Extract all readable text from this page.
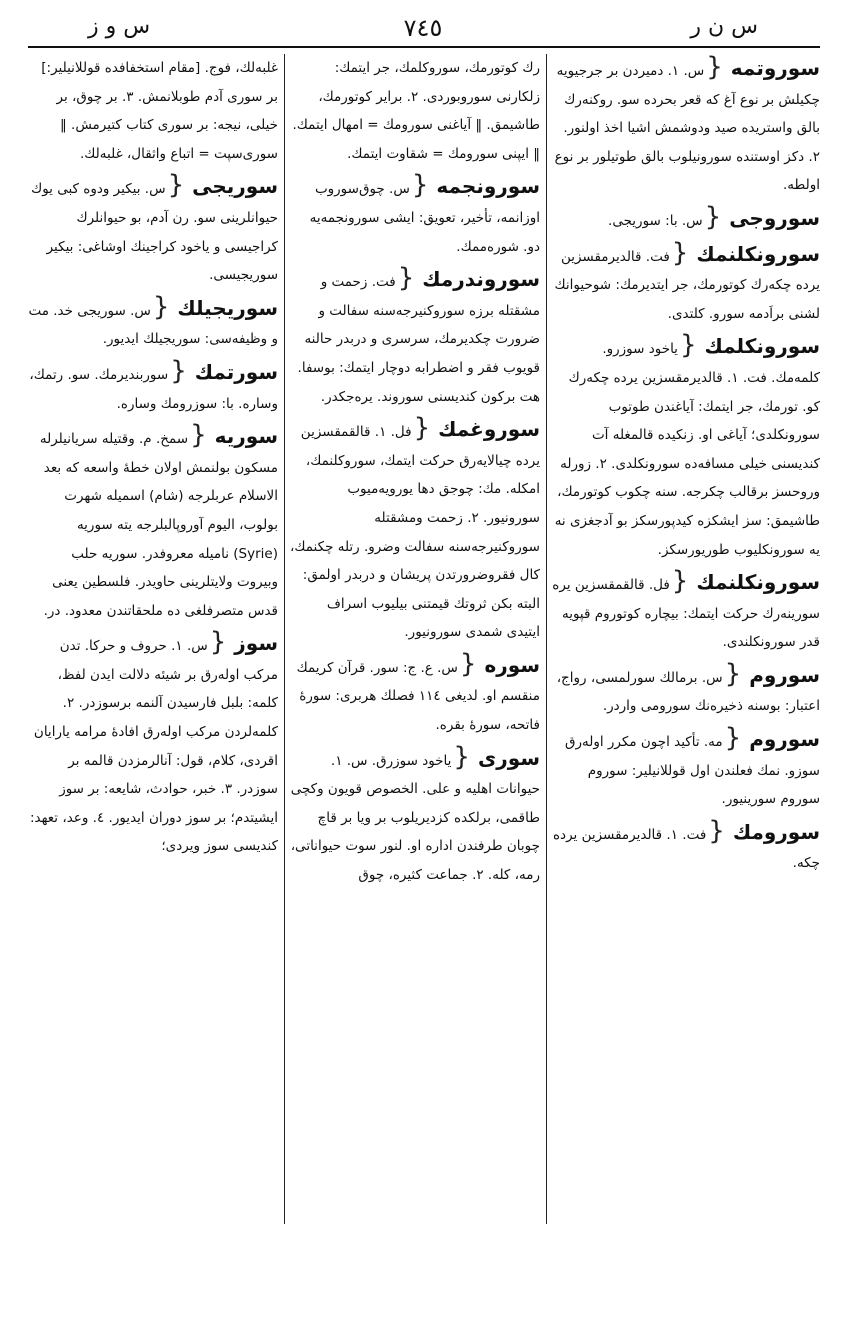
س و ز	٧٤٥	س ن ر
سوروتمه{س. ١. دميردن بر جرجيويه چكيلش بر نوع آغ كه قعر بحرده سو. روكنه‌رك بالق واستريده صيد ودوشمش اشيا اخذ اولنور. ٢. دكز اوستنده سورونيلوب بالق طوتيلور بر نوع اولطه.
سوروجى{س. با: سوريجى.
سورونكلنمك{فت. قالديرمقسزين يرده چكه‌رك كوتورمك، جر ايتديرمك: شوحيوانك لشنى براَدمه سورو. كلتدى.
سورونكلمك{ياخود سوزرو. كلمه‌مك. فت. ١. قالديرمقسزين يرده چكه‌رك كو. تورمك، جر ايتمك: آياغندن طوتوب سورونكلدى؛ آياغى او. زنكيده قالمغله آت كنديسنى خيلى مسافه‌ده سورونكلدى. ٢. زورله وروحسز برقالب چكرجه. سنه چكوب كوتورمك، طاشيمق: سز ايشكزه كيدپورسكز بو آدجغزى نه يه سورونكليوب طوريورسكز.
سورونكلنمك{فل. قالقمقسزين يره سورينه‌رك حركت ايتمك: بيچاره كوتوروم قپويه قدر سورونكلندى.
سوروم{س. برمالك سورلمسى، رواج، اعتبار: بوسنه ذخيره‌نك سورومى واردر.
سوروم{مه. تأكيد اچون مكرر اوله‌رق سوزو. نمك فعلندن اول قوللانيلير: سوروم سوروم سورينيور.
سورومك{فت. ١. قالديرمقسزين يرده چكه.
رك كوتورمك، سوروكلمك، جر ايتمك: زلكارنى سوروبوردى. ٢. براير كوتورمك، طاشيمق. ‖ آياغنى سورومك = امهال ايتمك. ‖ ايپنى سورومك = شقاوت ايتمك.
سورونجمه{س. چوق‌سوروب اوزانمه، تأخير، تعويق: ايشى سورونجمه‌يه دو. شوره‌ممك.
سوروندرمك{فت. زحمت و مشقتله برزه سوروكنيرجه‌سنه سفالت و ضرورت چكديرمك، سرسرى و دربدر حالنه قويوب فقر و اضطرابه دوچار ايتمك: بوسفا. هت بركون كنديسنى سوروند. يره‌جكدر.
سوروغمك{فل. ١. قالقمقسزين يرده چيالايه‌رق حركت ايتمك، سوروكلنمك، امكله. مك: چوجق دها يورويه‌ميوب سورونيور. ٢. زحمت ومشقتله سوروكنيرجه‌سنه سفالت وضرو. رتله چكنمك، كال فقروضرورتدن پريشان و دربدر اولمق: البته بكن ثروتك قيمتنى بيليوب اسراف ايتيدى شمدى سورونيور.
سوره{س. ع. ج: سور. قرآن كريمك منقسم او. لديغى ١١٤ فصلك هربرى: سورهٔ فاتحه، سورهٔ بقره.
سورى{ياخود سوزرق. س. ١. حيوانات اهليه و على. الخصوص قويون وكچى طاقمى، برلكده كزديريلوب بر ويا بر قاچ چوبان طرفندن اداره او. لنور سوت حيواناتى، رمه، كله. ٢. جماعت كثيره، چوق
غلبه‌لك، فوج. [مقام استخفافده قوللانيلير:] بر سورى آدم طوبلانمش. ٣. بر چوق، بر خيلى، نيجه: بر سورى كتاب كتيرمش. ‖ سورى‌سپت = اتباع واثقال، غلبه‌لك.
سوريجى{س. بيكير ودوه كبى يوك حيوانلرينى سو. رن آدم، بو حيوانلرك كراجيسى و ياخود كراجينك اوشاغى: بيكير سوريجيسى.
سوريجيلك{س. سوريجى خد. مت و وظيفه‌سى: سوريجيلك ايديور.
سورتمك{سوربنديرمك. سو. رتمك، وساره. با: سوزرومك وساره.
سوريه{سمخ. م. وقتيله سريانيلرله مسكون بولنمش اولان خطهٔ واسعه كه بعد الاسلام عربلرجه (شام) اسميله شهرت بولوب، اليوم آوروپالبلرجه يته سوريه (Syrie) ناميله معروفدر. سوريه حلب وبيروت ولايتلرينى حاويدر. فلسطين يعنى قدس متصرفلغى ده ملحقاتندن معدود. در.
سوز{س. ١. حروف و حركا. تدن مركب اوله‌رق بر شيئه دلالت ايدن لفظ، كلمه: بلبل فارسيدن آلنمه برسوزدر. ٢. كلمه‌لردن مركب اوله‌رق افادهٔ مرامه يارايان اقردى، كلام، قول: آنالرمزدن قالمه بر سوزدر. ٣. خبر، حوادث، شايعه: بر سوز ايشيتدم؛ بر سوز دوران ايديور. ٤. وعد، تعهد: كنديسى سوز ويردى؛
